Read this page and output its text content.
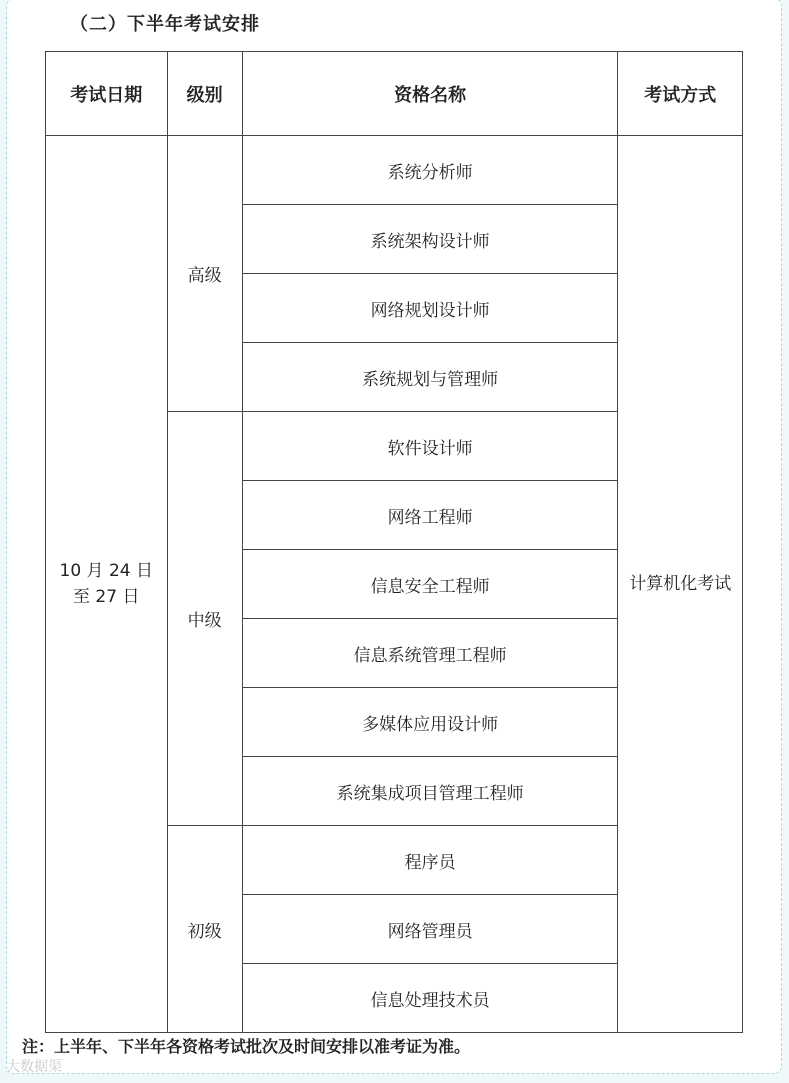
（二）下半年考试安排
考试日期	级别	资格名称	考试方式

10 月 24 日
至 27 日	高级	系统分析师	计算机化考试
		系统架构设计师	
		网络规划设计师	
		系统规划与管理师	
	中级	软件设计师	
		网络工程师	
		信息安全工程师	
		信息系统管理工程师	
		多媒体应用设计师	
		系统集成项目管理工程师	
	初级	程序员	
		网络管理员	
		信息处理技术员	
注：上半年、下半年各资格考试批次及时间安排以准考证为准。
大数据渠
